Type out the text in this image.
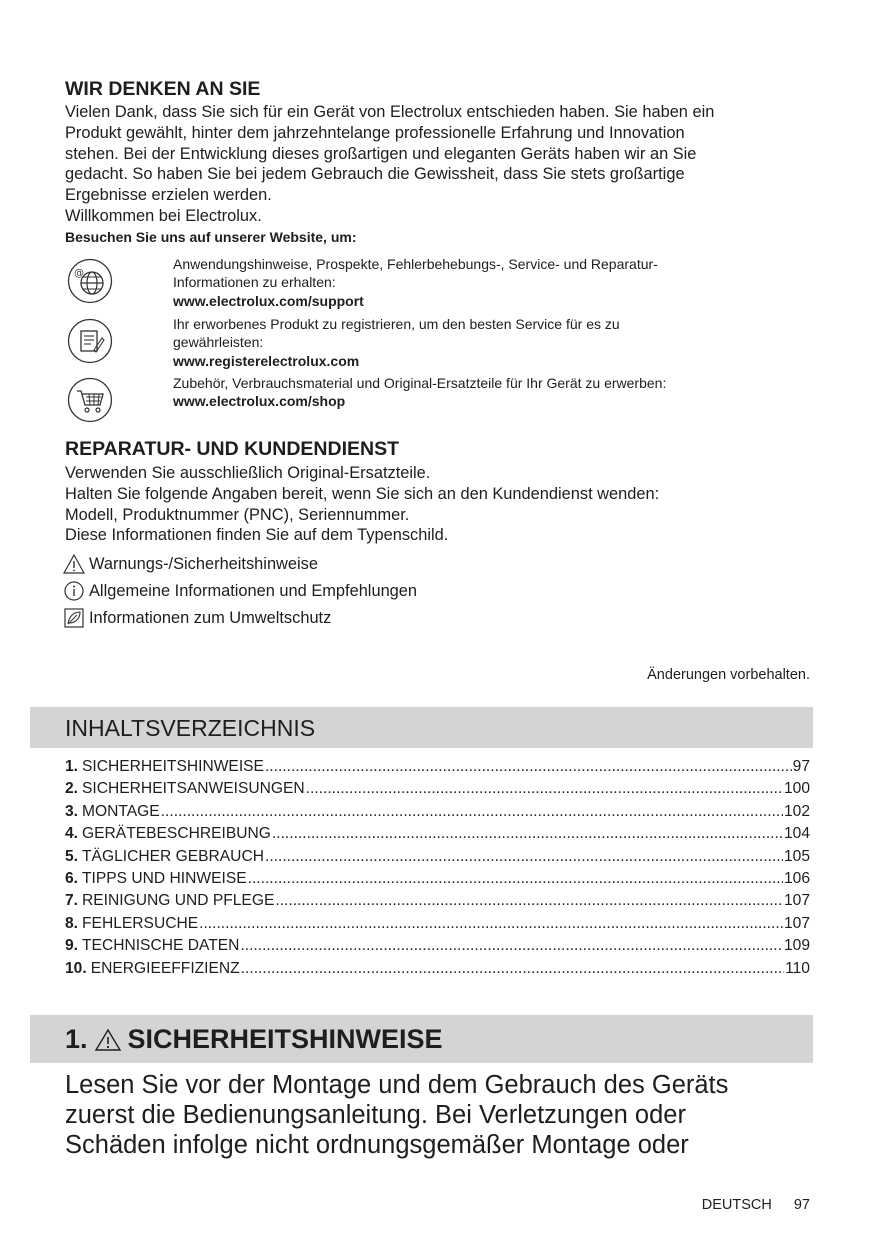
WIR DENKEN AN SIE

Vielen Dank, dass Sie sich für ein Gerät von Electrolux entschieden haben. Sie haben ein
Produkt gewählt, hinter dem jahrzehntelange professionelle Erfahrung und Innovation
stehen. Bei der Entwicklung dieses großartigen und eleganten Geräts haben wir an Sie
gedacht. So haben Sie bei jedem Gebrauch die Gewissheit, dass Sie stets großartige
Ergebnisse erzielen werden.
Willkommen bei Electrolux.

Besuchen Sie uns auf unserer Website, um:

@
Anwendungshinweise, Prospekte, Fehlerbehebungs-, Service- und Reparatur-
Informationen zu erhalten:
www.electrolux.com/support
Ihr erworbenes Produkt zu registrieren, um den besten Service für es zu
gewährleisten:
www.registerelectrolux.com
Zubehör, Verbrauchsmaterial und Original-Ersatzteile für Ihr Gerät zu erwerben:
www.electrolux.com/shop
REPARATUR- UND KUNDENDIENST

Verwenden Sie ausschließlich Original-Ersatzteile.
Halten Sie folgende Angaben bereit, wenn Sie sich an den Kundendienst wenden:
Modell, Produktnummer (PNC), Seriennummer.
Diese Informationen finden Sie auf dem Typenschild.

Warnungs-/Sicherheitshinweise
Allgemeine Informationen und Empfehlungen
Informationen zum Umweltschutz
Änderungen vorbehalten.
INHALTSVERZEICHNIS
1. SICHERHEITSHINWEISE .....	97
2. SICHERHEITSANWEISUNGEN .....	100
3. MONTAGE .....	102
4. GERÄTEBESCHREIBUNG .....	104
5. TÄGLICHER GEBRAUCH .....	105
6. TIPPS UND HINWEISE .....	106
7. REINIGUNG UND PFLEGE .....	107
8. FEHLERSUCHE .....	107
9. TECHNISCHE DATEN .....	109
10. ENERGIEEFFIZIENZ .....	110
1. SICHERHEITSHINWEISE

Lesen Sie vor der Montage und dem Gebrauch des Geräts
zuerst die Bedienungsanleitung. Bei Verletzungen oder
Schäden infolge nicht ordnungsgemäßer Montage oder

DEUTSCH 97
